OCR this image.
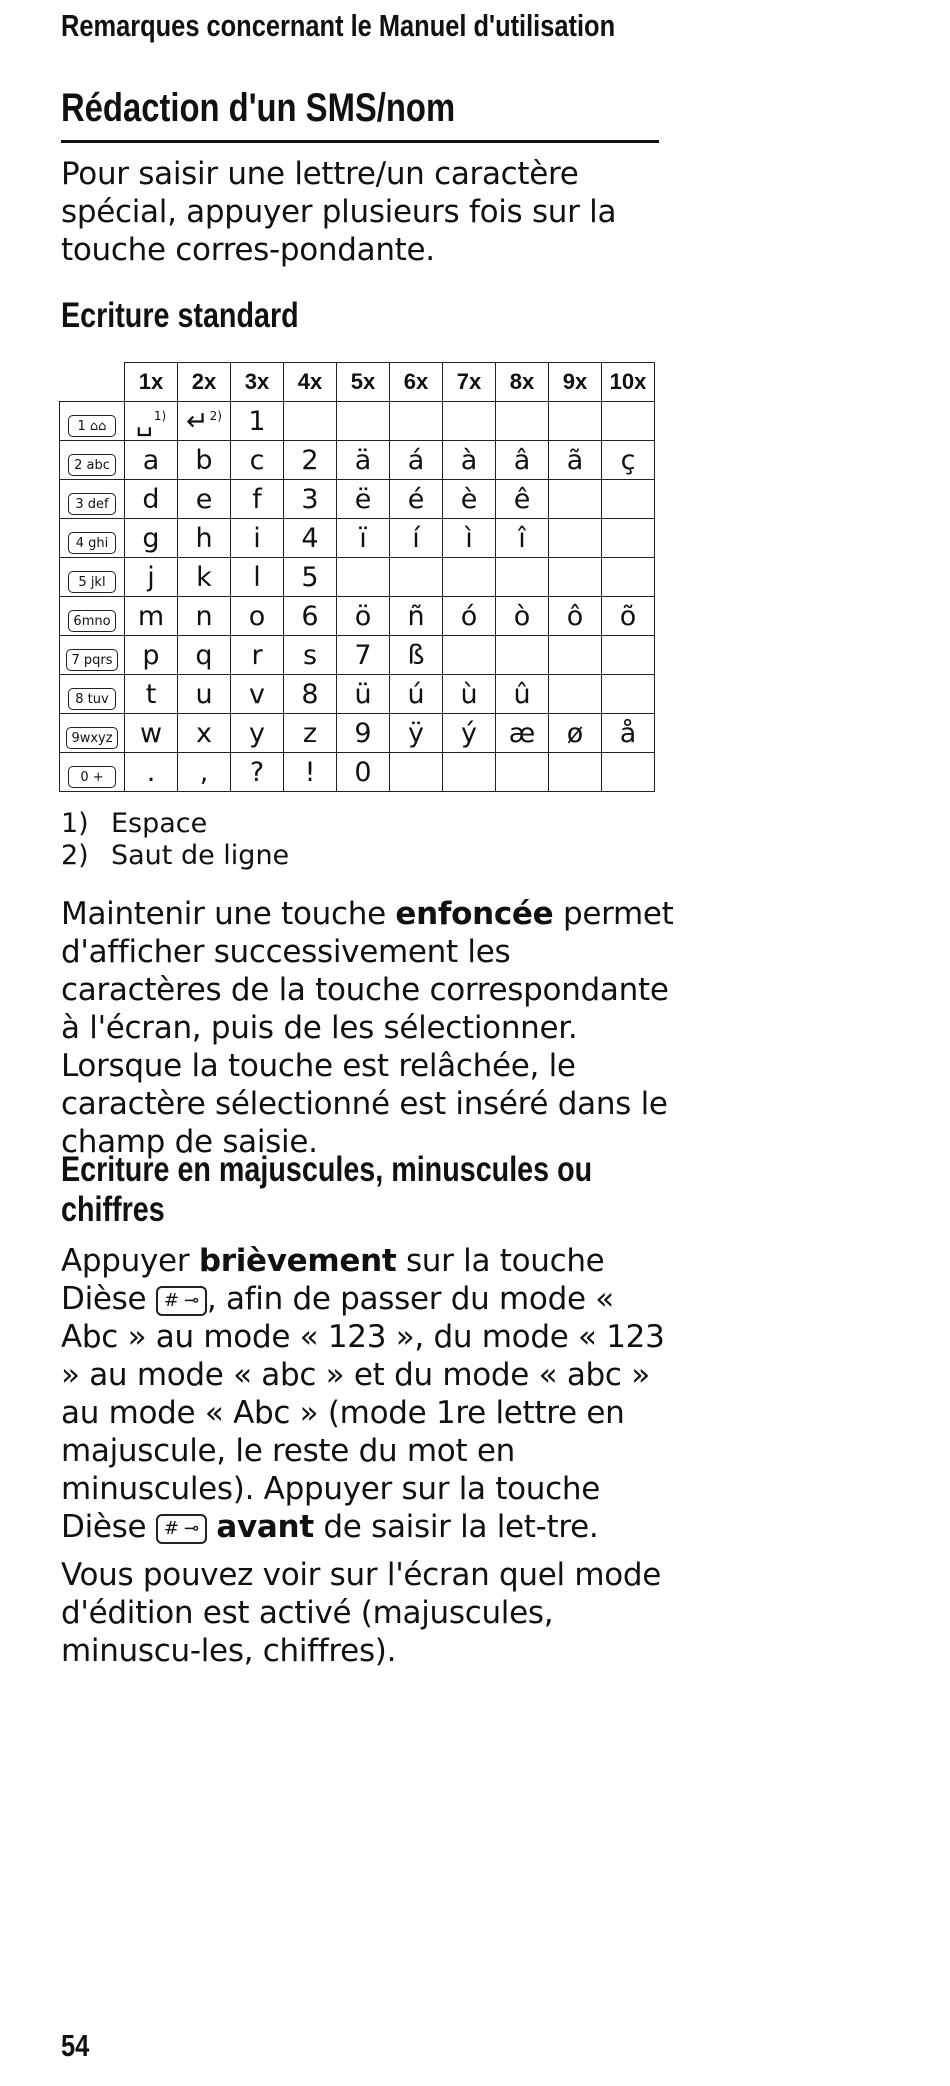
Remarques concernant le Manuel d'utilisation
Rédaction d'un SMS/nom
Pour saisir une lettre/un caractère spécial, appuyer plusieurs fois sur la touche corres-pondante.
Ecriture standard
	1x	2x	3x	4x	5x	6x	7x	8x	9x	10x
1 ⌂⌂	␣$^{1)}$	↵$^{2)}$	1							
2 abc	a	b	c	2	ä	á	à	â	ã	ç
3 def	d	e	f	3	ë	é	è	ê		
4 ghi	g	h	i	4	ï	í	ì	î		
5 jkl	j	k	l	5						
6mno	m	n	o	6	ö	ñ	ó	ò	ô	õ
7 pqrs	p	q	r	s	7	ß				
8 tuv	t	u	v	8	ü	ú	ù	û		
9wxyz	w	x	y	z	9	ÿ	ý	æ	ø	å
0 +	.	,	?	!	0					
1) Espace
2) Saut de ligne
Maintenir une touche enfoncée permet d'afficher successivement les caractères de la touche correspondante à l'écran, puis de les sélectionner. Lorsque la touche est relâchée, le caractère sélectionné est inséré dans le champ de saisie.
Ecriture en majuscules, minuscules ou chiffres
Appuyer brièvement sur la touche Dièse # ⊸ , afin de passer du mode « Abc » au mode « 123 », du mode « 123 » au mode « abc » et du mode « abc » au mode « Abc » (mode 1re lettre en majuscule, le reste du mot en minuscules). Appuyer sur la touche Dièse # ⊸ avant de saisir la let-tre.
Vous pouvez voir sur l'écran quel mode d'édition est activé (majuscules, minuscu-les, chiffres).
54
